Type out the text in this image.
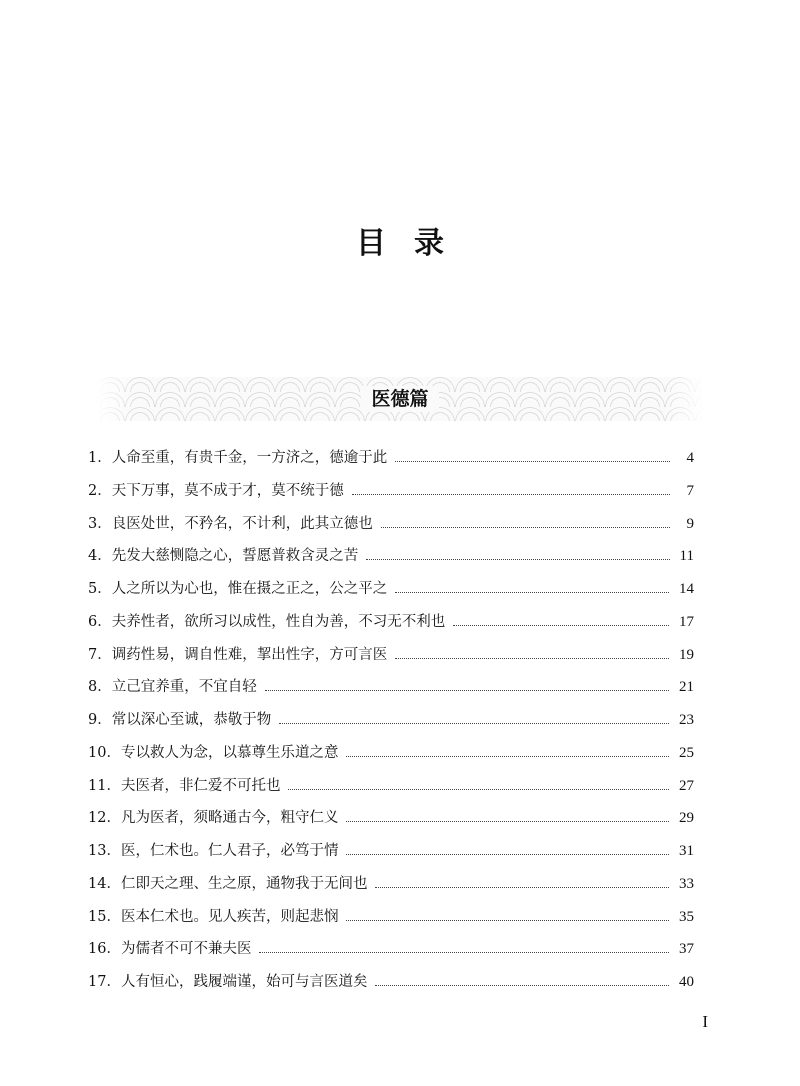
目录
医德篇
1．人命至重，有贵千金，一方济之，德逾于此	4
2．天下万事，莫不成于才，莫不统于德	7
3．良医处世，不矜名，不计利，此其立德也	9
4．先发大慈恻隐之心，誓愿普救含灵之苦	11
5．人之所以为心也，惟在摄之正之，公之平之	14
6．夫养性者，欲所习以成性，性自为善，不习无不利也	17
7．调药性易，调自性难，挈出性字，方可言医	19
8．立己宜养重，不宜自轻	21
9．常以深心至诚，恭敬于物	23
10．专以救人为念，以慕尊生乐道之意	25
11．夫医者，非仁爱不可托也	27
12．凡为医者，须略通古今，粗守仁义	29
13．医，仁术也。仁人君子，必笃于情	31
14．仁即天之理、生之原，通物我于无间也	33
15．医本仁术也。见人疾苦，则起悲悯	35
16．为儒者不可不兼夫医	37
17．人有恒心，践履端谨，始可与言医道矣	40
I
